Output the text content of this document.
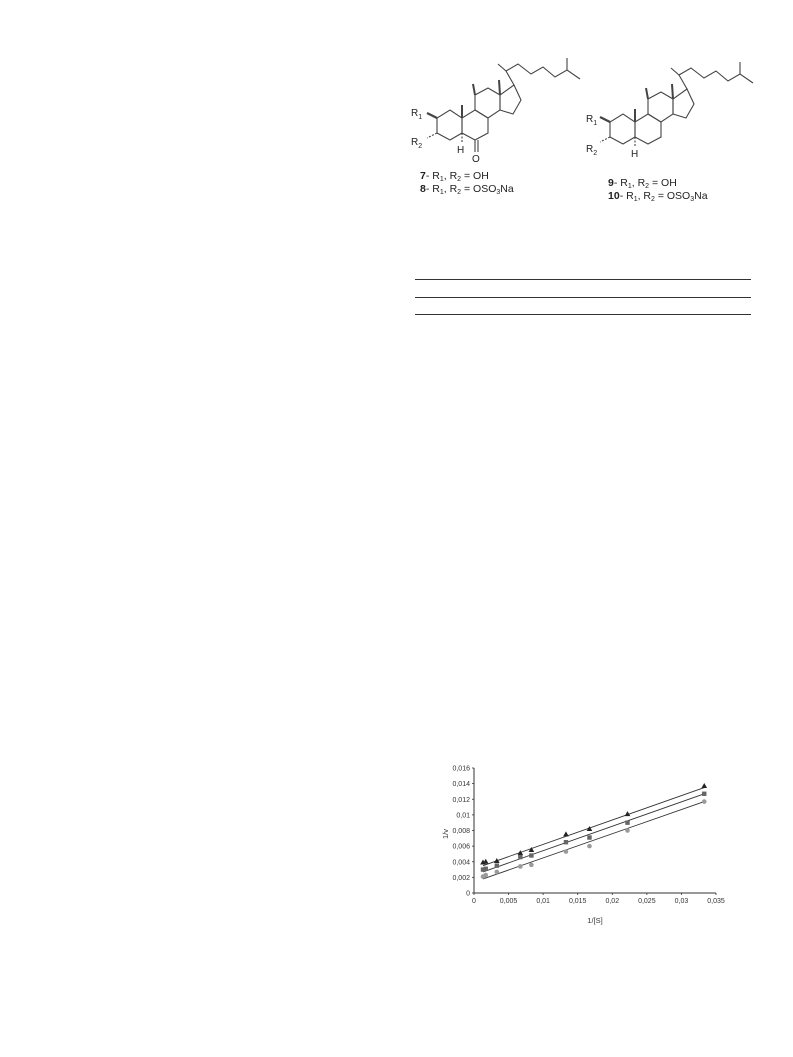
$R_1$
$R_2$	H
O
7- R1, R2 = OH
8- R1, R2 = OSO3Na
$R_1$
$R_2$	H
9- R1, R2 = OH
10- R1, R2 = OSO3Na
0
0,002
0,004
0,006
0,008
0,01
0,012
0,014
0,016
0	0,005	0,01	0,015	0,02	0,025	0,03	0,035
1/v
1/[S]
